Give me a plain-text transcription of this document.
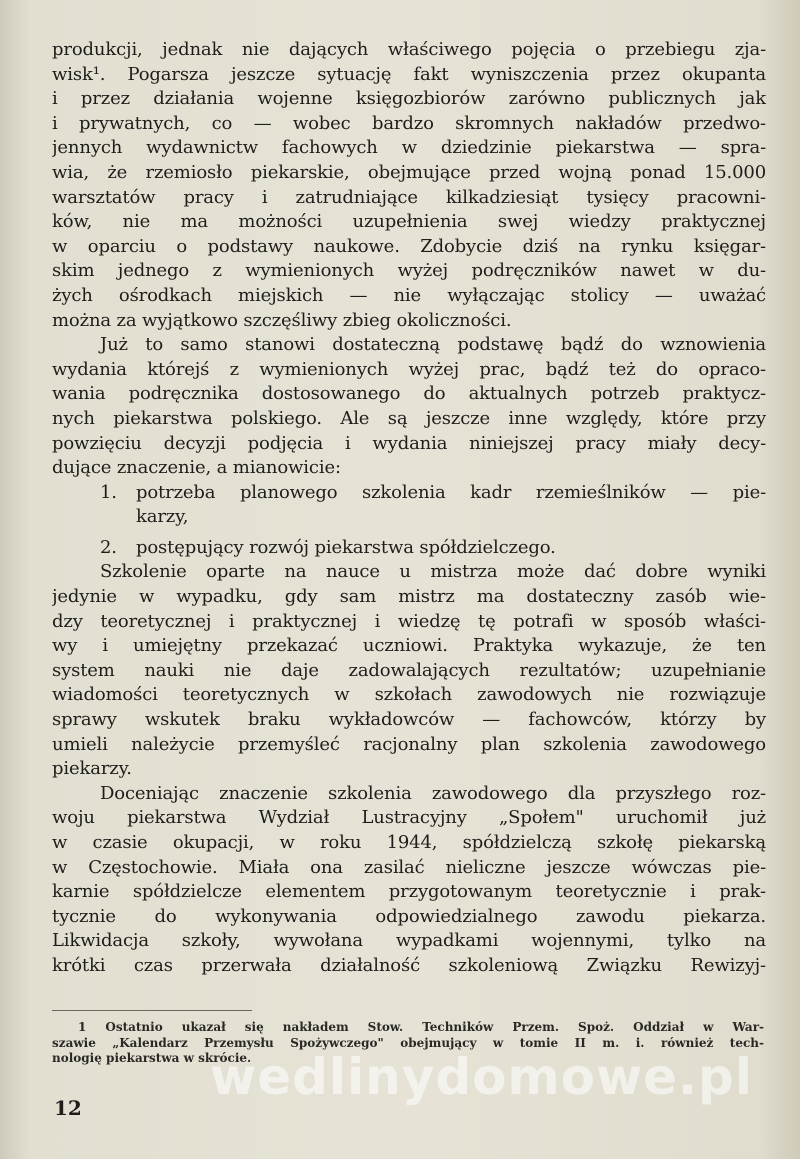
produkcji, jednak nie dających właściwego pojęcia o przebiegu zja-
wisk¹. Pogarsza jeszcze sytuację fakt wyniszczenia przez okupanta
i przez działania wojenne księgozbiorów zarówno publicznych jak
i prywatnych, co — wobec bardzo skromnych nakładów przedwo-
jennych wydawnictw fachowych w dziedzinie piekarstwa — spra-
wia, że rzemiosło piekarskie, obejmujące przed wojną ponad 15.000
warsztatów pracy i zatrudniające kilkadziesiąt tysięcy pracowni-
ków, nie ma możności uzupełnienia swej wiedzy praktycznej
w oparciu o podstawy naukowe. Zdobycie dziś na rynku księgar-
skim jednego z wymienionych wyżej podręczników nawet w du-
żych ośrodkach miejskich — nie wyłączając stolicy — uważać
można za wyjątkowo szczęśliwy zbieg okoliczności.

Już to samo stanowi dostateczną podstawę bądź do wznowienia
wydania którejś z wymienionych wyżej prac, bądź też do opraco-
wania podręcznika dostosowanego do aktualnych potrzeb praktycz-
nych piekarstwa polskiego. Ale są jeszcze inne względy, które przy
powzięciu decyzji podjęcia i wydania niniejszej pracy miały decy-
dujące znaczenie, a mianowicie:

1.	potrzeba planowego szkolenia kadr rzemieślników — pie-
karzy,
2.	postępujący rozwój piekarstwa spółdzielczego.

Szkolenie oparte na nauce u mistrza może dać dobre wyniki
jedynie w wypadku, gdy sam mistrz ma dostateczny zasób wie-
dzy teoretycznej i praktycznej i wiedzę tę potrafi w sposób właści-
wy i umiejętny przekazać uczniowi. Praktyka wykazuje, że ten
system nauki nie daje zadowalających rezultatów; uzupełnianie
wiadomości teoretycznych w szkołach zawodowych nie rozwiązuje
sprawy wskutek braku wykładowców — fachowców, którzy by
umieli należycie przemyśleć racjonalny plan szkolenia zawodowego
piekarzy.

Doceniając znaczenie szkolenia zawodowego dla przyszłego roz-
woju piekarstwa Wydział Lustracyjny „Społem" uruchomił już
w czasie okupacji, w roku 1944, spółdzielczą szkołę piekarską
w Częstochowie. Miała ona zasilać nieliczne jeszcze wówczas pie-
karnie spółdzielcze elementem przygotowanym teoretycznie i prak-
tycznie do wykonywania odpowiedzialnego zawodu piekarza.
Likwidacja szkoły, wywołana wypadkami wojennymi, tylko na
krótki czas przerwała działalność szkoleniową Związku Rewizyj-

1 Ostatnio ukazał się nakładem Stow. Techników Przem. Spoż. Oddział w War-
szawie „Kalendarz Przemysłu Spożywczego" obejmujący w tomie II m. i. również tech-
nologię piekarstwa w skrócie.
wedlinydomowe.pl
12
